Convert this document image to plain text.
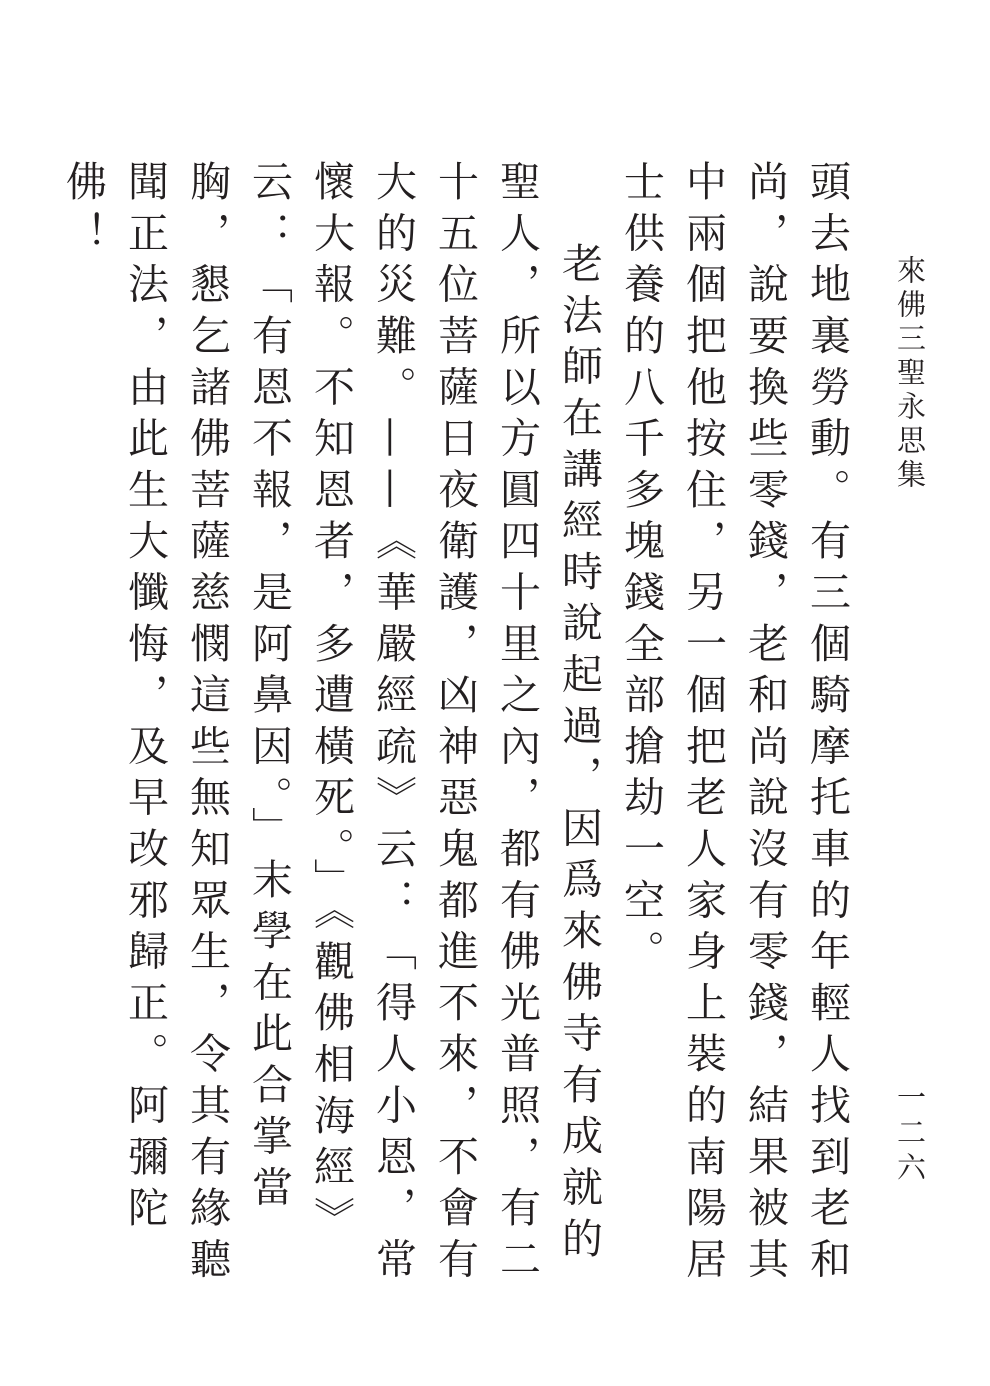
來佛三聖永思集
一二六

頭去地裏勞動。有三個騎摩托車的年輕人找到老和尚，說要換些零錢，老和尚說沒有零錢，結果被其中兩個把他按住，另一個把老人家身上裝的南陽居士供養的八千多塊錢全部搶劫一空。

老法師在講經時說起過，因爲來佛寺有成就的聖人，所以方圓四十里之內，都有佛光普照，有二十五位菩薩日夜衛護，凶神惡鬼都進不來，不會有大的災難。——《華嚴經疏》云：「得人小恩，常懷大報。不知恩者，多遭橫死。」《觀佛相海經》云：「有恩不報，是阿鼻因。」末學在此合掌當胸，懇乞諸佛菩薩慈憫這些無知眾生，令其有緣聽聞正法，由此生大懺悔，及早改邪歸正。阿彌陀佛！
